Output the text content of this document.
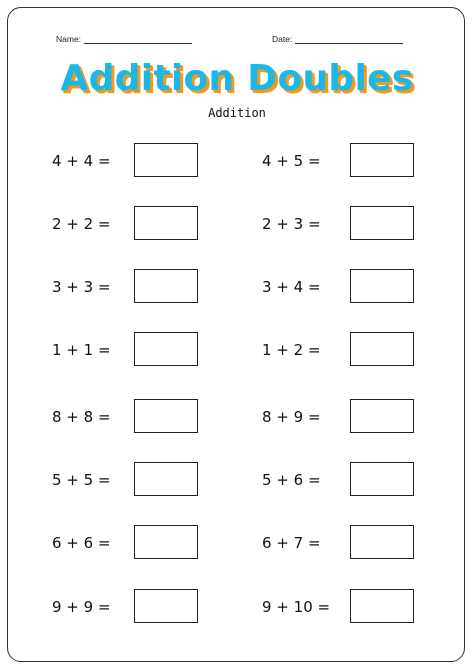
Name:	Date:
Addition Doubles
Addition
4 + 4 =
2 + 2 =
3 + 3 =
1 + 1 =
8 + 8 =
5 + 5 =
6 + 6 =
9 + 9 =
4 + 5 =
2 + 3 =
3 + 4 =
1 + 2 =
8 + 9 =
5 + 6 =
6 + 7 =
9 + 10 =
